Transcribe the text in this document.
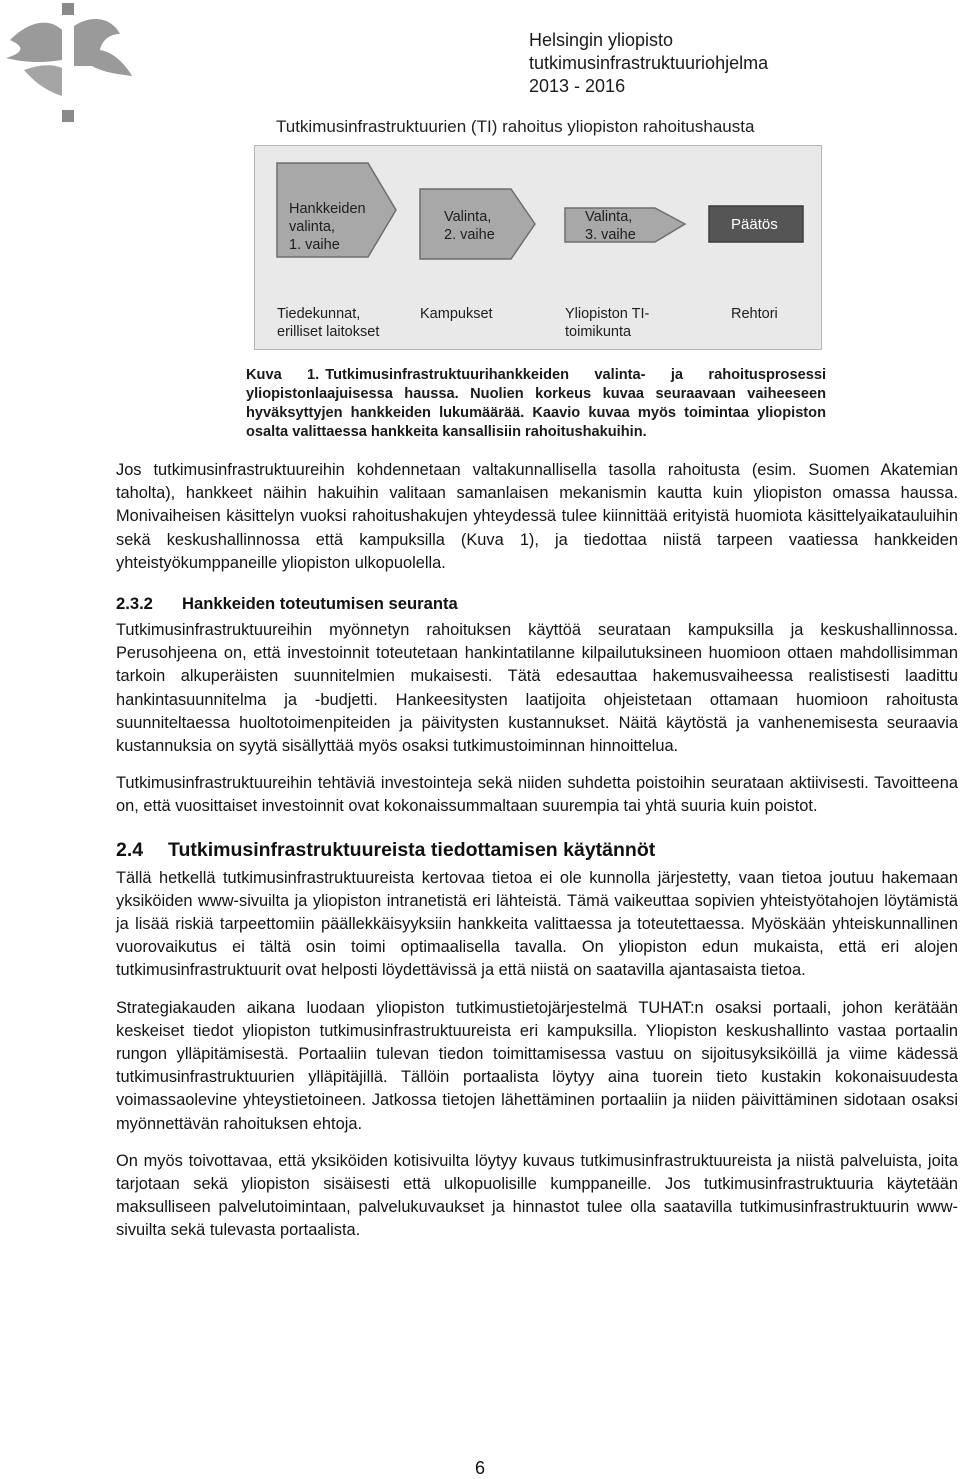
Helsingin yliopisto
tutkimusinfrastruktuuriohjelma
2013 - 2016
Tutkimusinfrastruktuurien (TI) rahoitus yliopiston rahoitushausta
Hankkeiden
valinta,
1. vaihe
Valinta,
2. vaihe
Valinta,
3. vaihe
Päätös
Tiedekunnat,
erilliset laitokset
Kampukset	Yliopiston TI-
toimikunta
Rehtori
Kuva 1. Tutkimusinfrastruktuurihankkeiden valinta- ja rahoitusprosessi yliopistonlaajuisessa haussa. Nuolien korkeus kuvaa seuraavaan vaiheeseen hyväksyttyjen hankkeiden lukumäärää. Kaavio kuvaa myös toimintaa yliopiston osalta valittaessa hankkeita kansallisiin rahoitushakuihin.

Jos tutkimusinfrastruktuureihin kohdennetaan valtakunnallisella tasolla rahoitusta (esim. Suomen Akatemian taholta), hankkeet näihin hakuihin valitaan samanlaisen mekanismin kautta kuin yliopiston omassa haussa. Monivaiheisen käsittelyn vuoksi rahoitushakujen yhteydessä tulee kiinnittää erityistä huomiota käsittelyaikatauluihin sekä keskushallinnossa että kampuksilla (Kuva 1), ja tiedottaa niistä tarpeen vaatiessa hankkeiden yhteistyökumppaneille yliopiston ulkopuolella.

2.3.2 Hankkeiden toteutumisen seuranta

Tutkimusinfrastruktuureihin myönnetyn rahoituksen käyttöä seurataan kampuksilla ja keskushallinnossa. Perusohjeena on, että investoinnit toteutetaan hankintatilanne kilpailutuksineen huomioon ottaen mahdollisimman tarkoin alkuperäisten suunnitelmien mukaisesti. Tätä edesauttaa hakemusvaiheessa realistisesti laadittu hankintasuunnitelma ja -budjetti. Hankeesitysten laatijoita ohjeistetaan ottamaan huomioon rahoitusta suunniteltaessa huoltotoimenpiteiden ja päivitysten kustannukset. Näitä käytöstä ja vanhenemisesta seuraavia kustannuksia on syytä sisällyttää myös osaksi tutkimustoiminnan hinnoittelua.

Tutkimusinfrastruktuureihin tehtäviä investointeja sekä niiden suhdetta poistoihin seurataan aktiivisesti. Tavoitteena on, että vuosittaiset investoinnit ovat kokonaissummaltaan suurempia tai yhtä suuria kuin poistot.

2.4 Tutkimusinfrastruktuureista tiedottamisen käytännöt

Tällä hetkellä tutkimusinfrastruktuureista kertovaa tietoa ei ole kunnolla järjestetty, vaan tietoa joutuu hakemaan yksiköiden www-sivuilta ja yliopiston intranetistä eri lähteistä. Tämä vaikeuttaa sopivien yhteistyötahojen löytämistä ja lisää riskiä tarpeettomiin päällekkäisyyksiin hankkeita valittaessa ja toteutettaessa. Myöskään yhteiskunnallinen vuorovaikutus ei tältä osin toimi optimaalisella tavalla. On yliopiston edun mukaista, että eri alojen tutkimusinfrastruktuurit ovat helposti löydettävissä ja että niistä on saatavilla ajantasaista tietoa.

Strategiakauden aikana luodaan yliopiston tutkimustietojärjestelmä TUHAT:n osaksi portaali, johon kerätään keskeiset tiedot yliopiston tutkimusinfrastruktuureista eri kampuksilla. Yliopiston keskushallinto vastaa portaalin rungon ylläpitämisestä. Portaaliin tulevan tiedon toimittamisessa vastuu on sijoitusyksiköillä ja viime kädessä tutkimusinfrastruktuurien ylläpitäjillä. Tällöin portaalista löytyy aina tuorein tieto kustakin kokonaisuudesta voimassaolevine yhteystietoineen. Jatkossa tietojen lähettäminen portaaliin ja niiden päivittäminen sidotaan osaksi myönnettävän rahoituksen ehtoja.

On myös toivottavaa, että yksiköiden kotisivuilta löytyy kuvaus tutkimusinfrastruktuureista ja niistä palveluista, joita tarjotaan sekä yliopiston sisäisesti että ulkopuolisille kumppaneille. Jos tutkimusinfrastruktuuria käytetään maksulliseen palvelutoimintaan, palvelukuvaukset ja hinnastot tulee olla saatavilla tutkimusinfrastruktuurin www-sivuilta sekä tulevasta portaalista.

6
